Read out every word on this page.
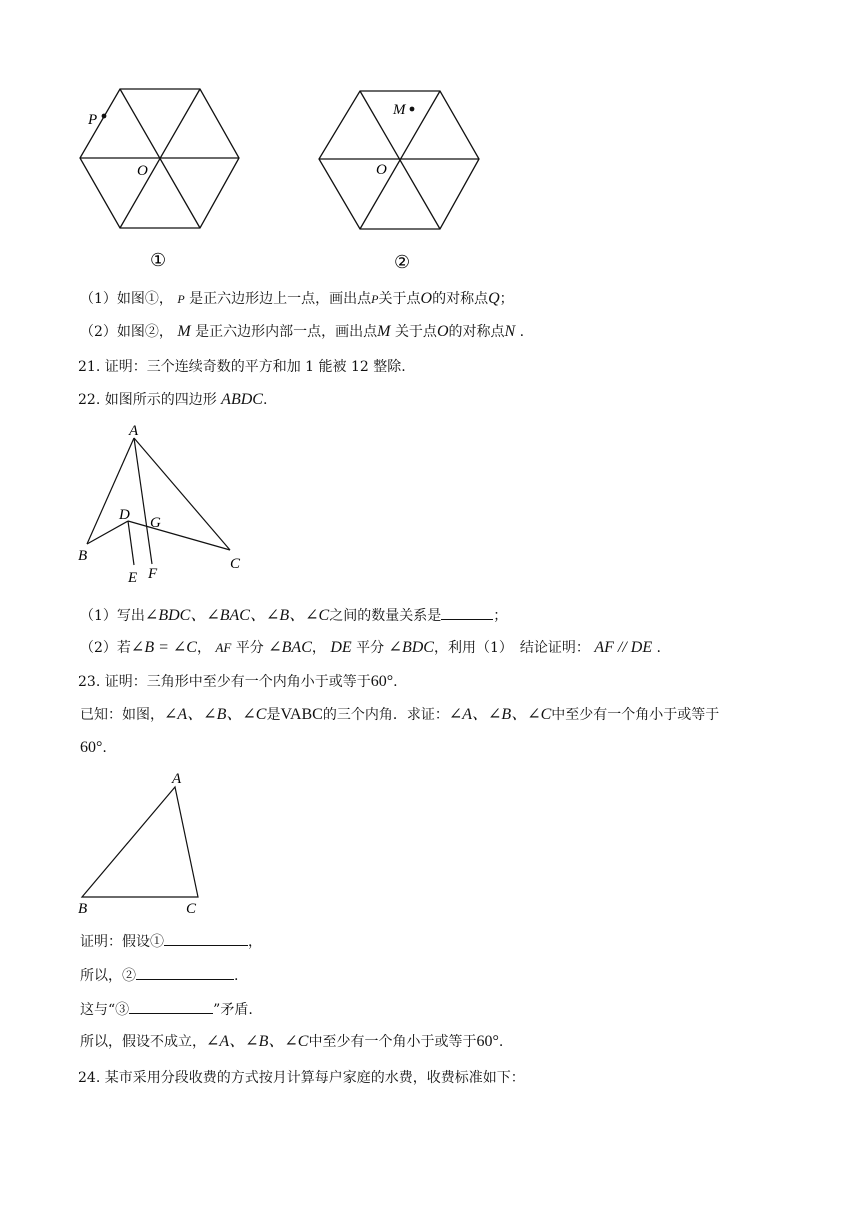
P
O
①
M
O
②
（1）如图①， P 是正六边形边上一点，画出点P关于点O的对称点Q；
（2）如图②， M 是正六边形内部一点，画出点M 关于点O的对称点N .
21. 证明：三个连续奇数的平方和加 1 能被 12 整除.
22. 如图所示的四边形 ABDC.
A
B	C
D
E F
G
（1）写出∠BDC、∠BAC、∠B、∠C之间的数量关系是	；
（2）若∠B = ∠C， AF 平分 ∠BAC， DE 平分 ∠BDC，利用（1）　结论证明： AF // DE .
23. 证明：三角形中至少有一个内角小于或等于60°.
已知：如图，∠A、∠B、∠C是VABC的三个内角．求证：∠A、∠B、∠C中至少有一个角小于或等于
60°.
A
B	C
证明：假设①	，
所以，②	.
这与“③	”矛盾.
所以，假设不成立，∠A、∠B、∠C中至少有一个角小于或等于60°.
24. 某市采用分段收费的方式按月计算每户家庭的水费，收费标准如下：
